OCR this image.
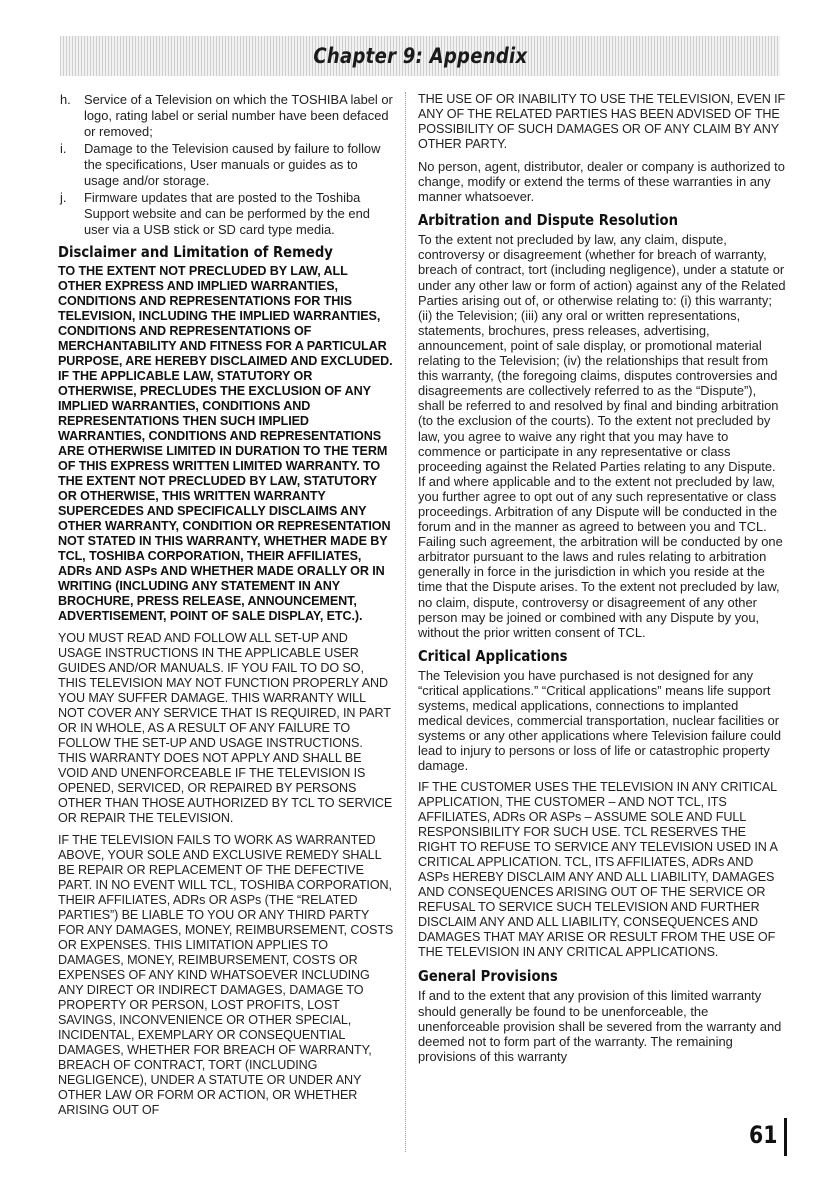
Chapter 9: Appendix
h.	Service of a Television on which the TOSHIBA label or logo, rating label or serial number have been defaced or removed;
i.	Damage to the Television caused by failure to follow the specifications, User manuals or guides as to usage and/or storage.
j.	Firmware updates that are posted to the Toshiba Support website and can be performed by the end user via a USB stick or SD card type media.
Disclaimer and Limitation of Remedy

TO THE EXTENT NOT PRECLUDED BY LAW, ALL OTHER EXPRESS AND IMPLIED WARRANTIES, CONDITIONS AND REPRESENTATIONS FOR THIS TELEVISION, INCLUDING THE IMPLIED WARRANTIES, CONDITIONS AND REPRESENTATIONS OF MERCHANTABILITY AND FITNESS FOR A PARTICULAR PURPOSE, ARE HEREBY DISCLAIMED AND EXCLUDED. IF THE APPLICABLE LAW, STATUTORY OR OTHERWISE, PRECLUDES THE EXCLUSION OF ANY IMPLIED WARRANTIES, CONDITIONS AND REPRESENTATIONS THEN SUCH IMPLIED WARRANTIES, CONDITIONS AND REPRESENTATIONS ARE OTHERWISE LIMITED IN DURATION TO THE TERM OF THIS EXPRESS WRITTEN LIMITED WARRANTY. TO THE EXTENT NOT PRECLUDED BY LAW, STATUTORY OR OTHERWISE, THIS WRITTEN WARRANTY SUPERCEDES AND SPECIFICALLY DISCLAIMS ANY OTHER WARRANTY, CONDITION OR REPRESENTATION NOT STATED IN THIS WARRANTY, WHETHER MADE BY TCL, TOSHIBA CORPORATION, THEIR AFFILIATES, ADRs AND ASPs AND WHETHER MADE ORALLY OR IN WRITING (INCLUDING ANY STATEMENT IN ANY BROCHURE, PRESS RELEASE, ANNOUNCEMENT, ADVERTISEMENT, POINT OF SALE DISPLAY, ETC.).

YOU MUST READ AND FOLLOW ALL SET-UP AND USAGE INSTRUCTIONS IN THE APPLICABLE USER GUIDES AND/OR MANUALS. IF YOU FAIL TO DO SO, THIS TELEVISION MAY NOT FUNCTION PROPERLY AND YOU MAY SUFFER DAMAGE. THIS WARRANTY WILL NOT COVER ANY SERVICE THAT IS REQUIRED, IN PART OR IN WHOLE, AS A RESULT OF ANY FAILURE TO FOLLOW THE SET-UP AND USAGE INSTRUCTIONS. THIS WARRANTY DOES NOT APPLY AND SHALL BE VOID AND UNENFORCEABLE IF THE TELEVISION IS OPENED, SERVICED, OR REPAIRED BY PERSONS OTHER THAN THOSE AUTHORIZED BY TCL TO SERVICE OR REPAIR THE TELEVISION.

IF THE TELEVISION FAILS TO WORK AS WARRANTED ABOVE, YOUR SOLE AND EXCLUSIVE REMEDY SHALL BE REPAIR OR REPLACEMENT OF THE DEFECTIVE PART. IN NO EVENT WILL TCL, TOSHIBA CORPORATION, THEIR AFFILIATES, ADRs OR ASPs (THE “RELATED PARTIES”) BE LIABLE TO YOU OR ANY THIRD PARTY FOR ANY DAMAGES, MONEY, REIMBURSEMENT, COSTS OR EXPENSES. THIS LIMITATION APPLIES TO DAMAGES, MONEY, REIMBURSEMENT, COSTS OR EXPENSES OF ANY KIND WHATSOEVER INCLUDING ANY DIRECT OR INDIRECT DAMAGES, DAMAGE TO PROPERTY OR PERSON, LOST PROFITS, LOST SAVINGS, INCONVENIENCE OR OTHER SPECIAL, INCIDENTAL, EXEMPLARY OR CONSEQUENTIAL DAMAGES, WHETHER FOR BREACH OF WARRANTY, BREACH OF CONTRACT, TORT (INCLUDING NEGLIGENCE), UNDER A STATUTE OR UNDER ANY OTHER LAW OR FORM OR ACTION, OR WHETHER ARISING OUT OF

THE USE OF OR INABILITY TO USE THE TELEVISION, EVEN IF ANY OF THE RELATED PARTIES HAS BEEN ADVISED OF THE POSSIBILITY OF SUCH DAMAGES OR OF ANY CLAIM BY ANY OTHER PARTY.

No person, agent, distributor, dealer or company is authorized to change, modify or extend the terms of these warranties in any manner whatsoever.

Arbitration and Dispute Resolution

To the extent not precluded by law, any claim, dispute, controversy or disagreement (whether for breach of warranty, breach of contract, tort (including negligence), under a statute or under any other law or form of action) against any of the Related Parties arising out of, or otherwise relating to: (i) this warranty; (ii) the Television; (iii) any oral or written representations, statements, brochures, press releases, advertising, announcement, point of sale display, or promotional material relating to the Television; (iv) the relationships that result from this warranty, (the foregoing claims, disputes controversies and disagreements are collectively referred to as the “Dispute”), shall be referred to and resolved by final and binding arbitration (to the exclusion of the courts). To the extent not precluded by law, you agree to waive any right that you may have to commence or participate in any representative or class proceeding against the Related Parties relating to any Dispute. If and where applicable and to the extent not precluded by law, you further agree to opt out of any such representative or class proceedings. Arbitration of any Dispute will be conducted in the forum and in the manner as agreed to between you and TCL. Failing such agreement, the arbitration will be conducted by one arbitrator pursuant to the laws and rules relating to arbitration generally in force in the jurisdiction in which you reside at the time that the Dispute arises. To the extent not precluded by law, no claim, dispute, controversy or disagreement of any other person may be joined or combined with any Dispute by you, without the prior written consent of TCL.

Critical Applications

The Television you have purchased is not designed for any “critical applications.” “Critical applications” means life support systems, medical applications, connections to implanted medical devices, commercial transportation, nuclear facilities or systems or any other applications where Television failure could lead to injury to persons or loss of life or catastrophic property damage.

IF THE CUSTOMER USES THE TELEVISION IN ANY CRITICAL APPLICATION, THE CUSTOMER – AND NOT TCL, ITS AFFILIATES, ADRs OR ASPs – ASSUME SOLE AND FULL RESPONSIBILITY FOR SUCH USE. TCL RESERVES THE RIGHT TO REFUSE TO SERVICE ANY TELEVISION USED IN A CRITICAL APPLICATION. TCL, ITS AFFILIATES, ADRs AND ASPs HEREBY DISCLAIM ANY AND ALL LIABILITY, DAMAGES AND CONSEQUENCES ARISING OUT OF THE SERVICE OR REFUSAL TO SERVICE SUCH TELEVISION AND FURTHER DISCLAIM ANY AND ALL LIABILITY, CONSEQUENCES AND DAMAGES THAT MAY ARISE OR RESULT FROM THE USE OF THE TELEVISION IN ANY CRITICAL APPLICATIONS.

General Provisions

If and to the extent that any provision of this limited warranty should generally be found to be unenforceable, the unenforceable provision shall be severed from the warranty and deemed not to form part of the warranty. The remaining provisions of this warranty

61
